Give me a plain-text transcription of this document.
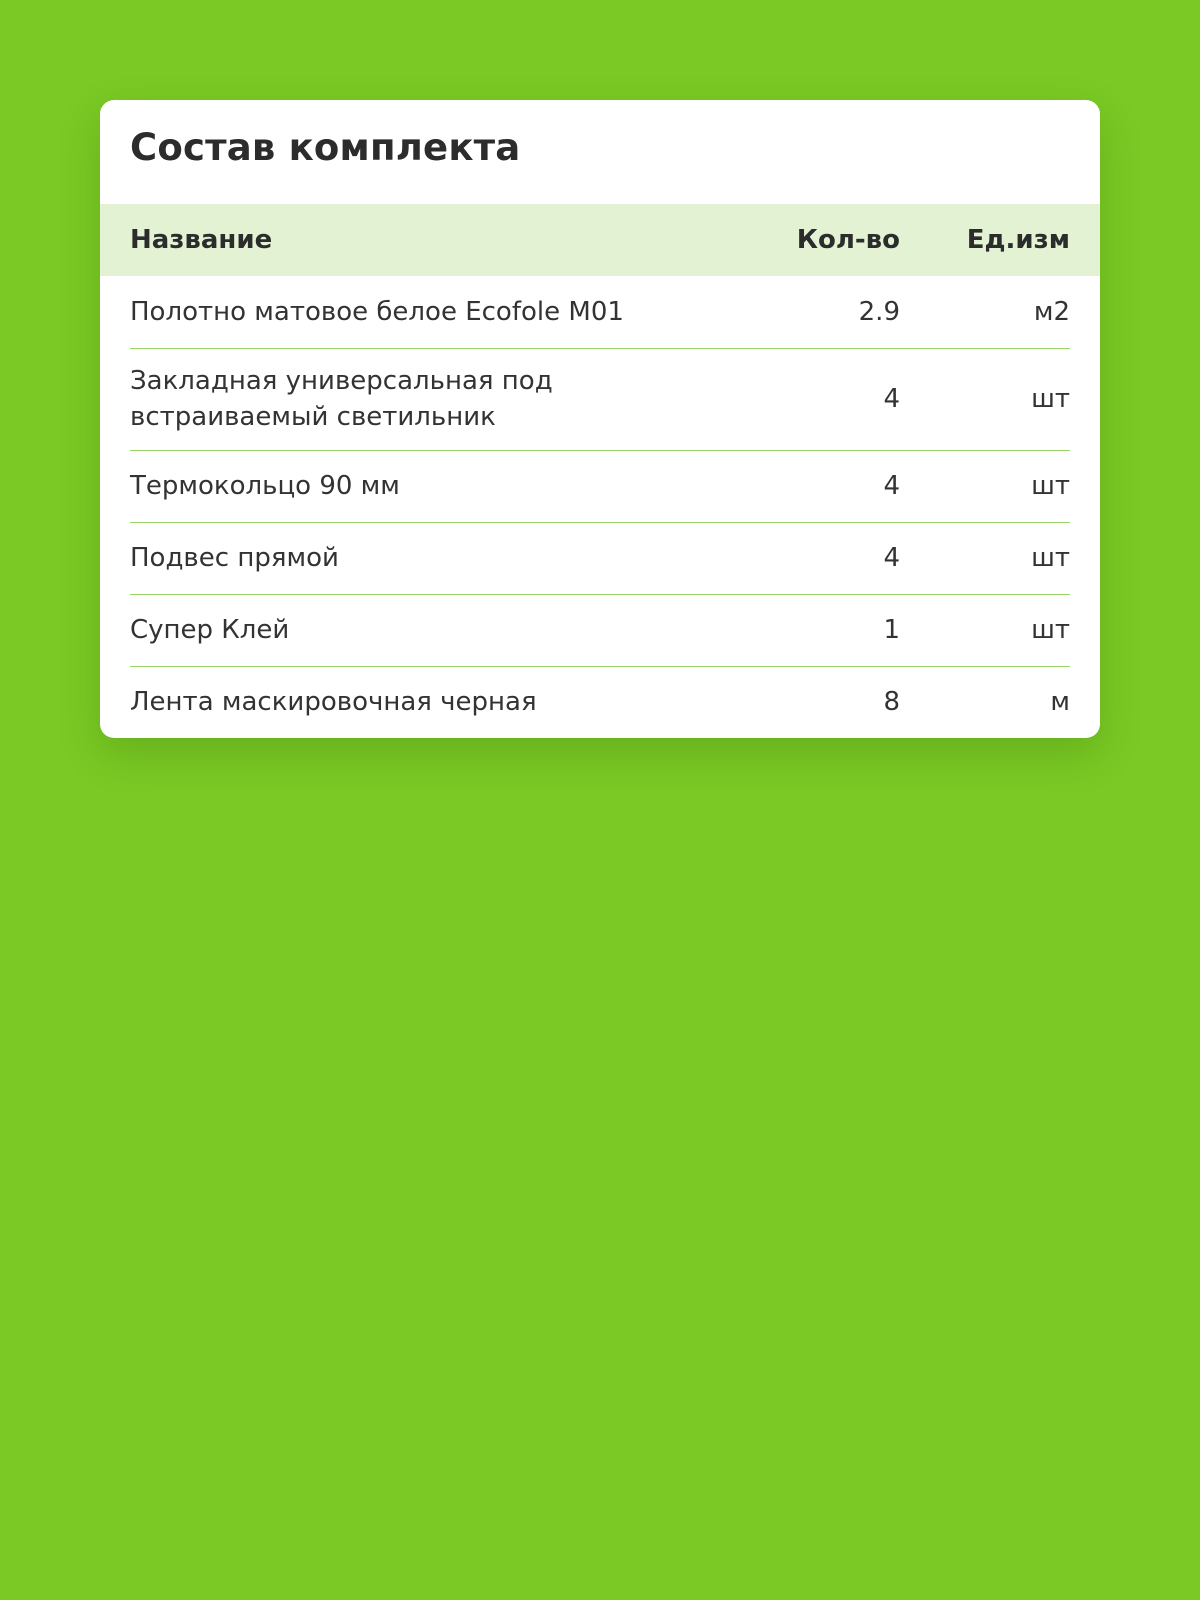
Состав комплекта
Название	Кол-во	Ед.изм
Полотно матовое белое Ecofole M01	2.9	м2
Закладная универсальная под встраиваемый светильник	4	шт
Термокольцо 90 мм	4	шт
Подвес прямой	4	шт
Супер Клей	1	шт
Лента маскировочная черная	8	м
